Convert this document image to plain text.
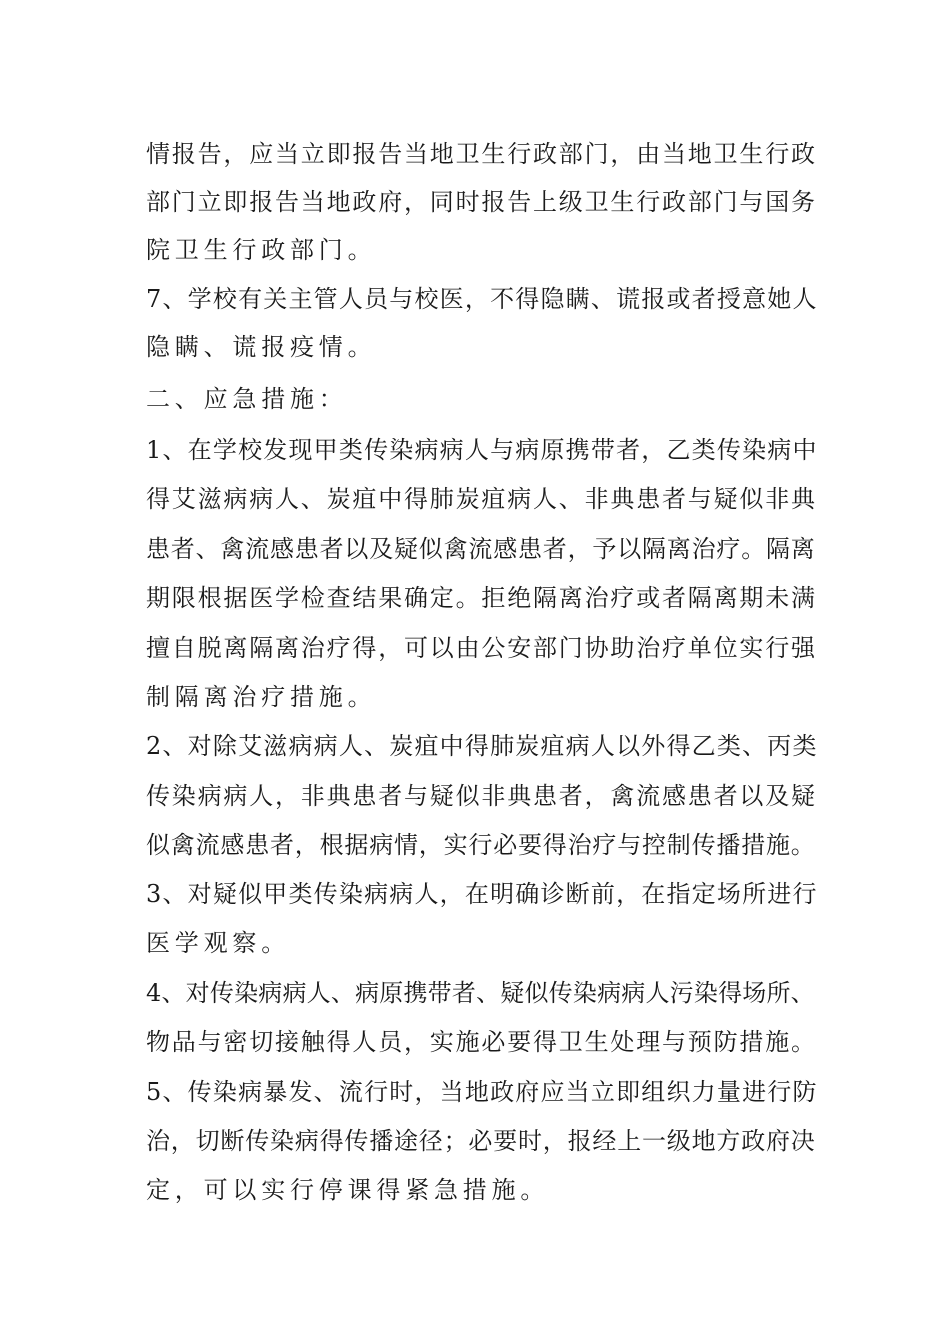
情报告，应当立即报告当地卫生行政部门，由当地卫生行政
部门立即报告当地政府，同时报告上级卫生行政部门与国务
院卫生行政部门。
7、学校有关主管人员与校医，不得隐瞒、谎报或者授意她人
隐瞒、谎报疫情。
二、应急措施：
1、在学校发现甲类传染病病人与病原携带者，乙类传染病中
得艾滋病病人、炭疽中得肺炭疽病人、非典患者与疑似非典
患者、禽流感患者以及疑似禽流感患者，予以隔离治疗。隔离
期限根据医学检查结果确定。拒绝隔离治疗或者隔离期未满
擅自脱离隔离治疗得，可以由公安部门协助治疗单位实行强
制隔离治疗措施。
2、对除艾滋病病人、炭疽中得肺炭疽病人以外得乙类、丙类
传染病病人，非典患者与疑似非典患者，禽流感患者以及疑
似禽流感患者，根据病情，实行必要得治疗与控制传播措施。
3、对疑似甲类传染病病人，在明确诊断前，在指定场所进行
医学观察。
4、对传染病病人、病原携带者、疑似传染病病人污染得场所、
物品与密切接触得人员，实施必要得卫生处理与预防措施。
5、传染病暴发、流行时，当地政府应当立即组织力量进行防
治，切断传染病得传播途径；必要时，报经上一级地方政府决
定，可以实行停课得紧急措施。
